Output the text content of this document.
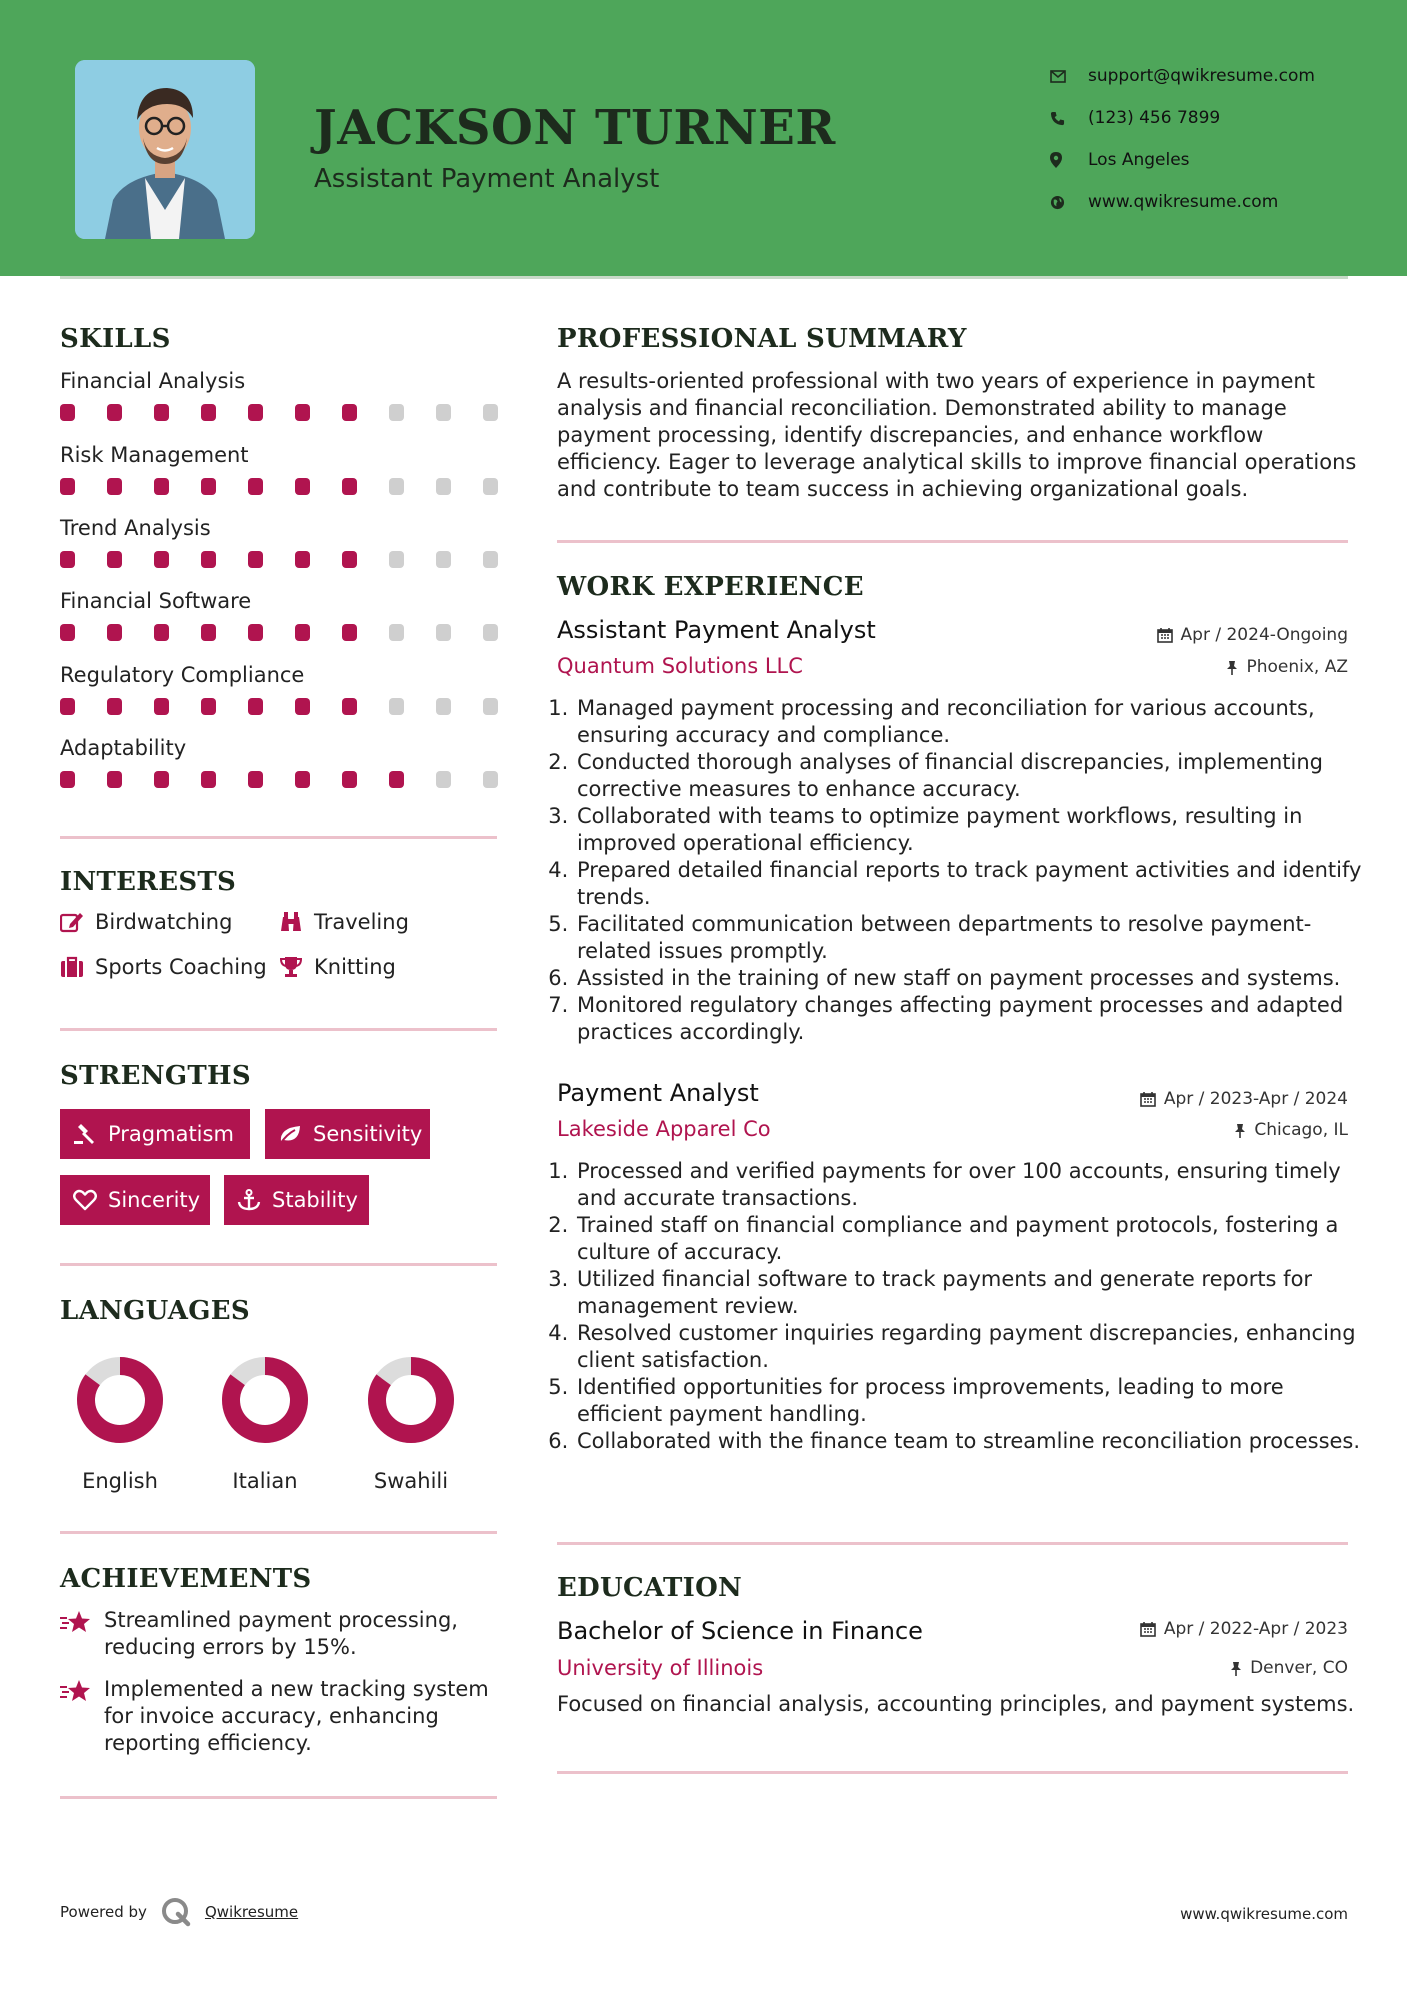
JACKSON TURNER
Assistant Payment Analyst
support@qwikresume.com
(123) 456 7899
Los Angeles
www.qwikresume.com
SKILLS
Financial Analysis
Risk Management
Trend Analysis
Financial Software
Regulatory Compliance
Adaptability
INTERESTS
Birdwatching	Traveling
Sports Coaching Knitting
STRENGTHS
Pragmatism	Sensitivity
Sincerity	Stability
LANGUAGES
English	Italian	Swahili
ACHIEVEMENTS
Streamlined payment processing, reducing errors by 15%.
Implemented a new tracking system for invoice accuracy, enhancing reporting efficiency.
PROFESSIONAL SUMMARY

A results-oriented professional with two years of experience in payment analysis and financial reconciliation. Demonstrated ability to manage payment processing, identify discrepancies, and enhance workflow efficiency. Eager to leverage analytical skills to improve financial operations and contribute to team success in achieving organizational goals.

WORK EXPERIENCE
Assistant Payment Analyst	Apr / 2024-Ongoing
Quantum Solutions LLC	Phoenix, AZ
1. Managed payment processing and reconciliation for various accounts, ensuring accuracy and compliance.
2. Conducted thorough analyses of financial discrepancies, implementing corrective measures to enhance accuracy.
3. Collaborated with teams to optimize payment workflows, resulting in improved operational efficiency.
4. Prepared detailed financial reports to track payment activities and identify trends.
5. Facilitated communication between departments to resolve payment-related issues promptly.
6. Assisted in the training of new staff on payment processes and systems.
7. Monitored regulatory changes affecting payment processes and adapted practices accordingly.
Payment Analyst	Apr / 2023-Apr / 2024
Lakeside Apparel Co	Chicago, IL
1. Processed and verified payments for over 100 accounts, ensuring timely and accurate transactions.
2. Trained staff on financial compliance and payment protocols, fostering a culture of accuracy.
3. Utilized financial software to track payments and generate reports for management review.
4. Resolved customer inquiries regarding payment discrepancies, enhancing client satisfaction.
5. Identified opportunities for process improvements, leading to more efficient payment handling.
6. Collaborated with the finance team to streamline reconciliation processes.
EDUCATION
Bachelor of Science in Finance	Apr / 2022-Apr / 2023
University of Illinois	Denver, CO

Focused on financial analysis, accounting principles, and payment systems.

Powered by	Qwikresume	www.qwikresume.com
